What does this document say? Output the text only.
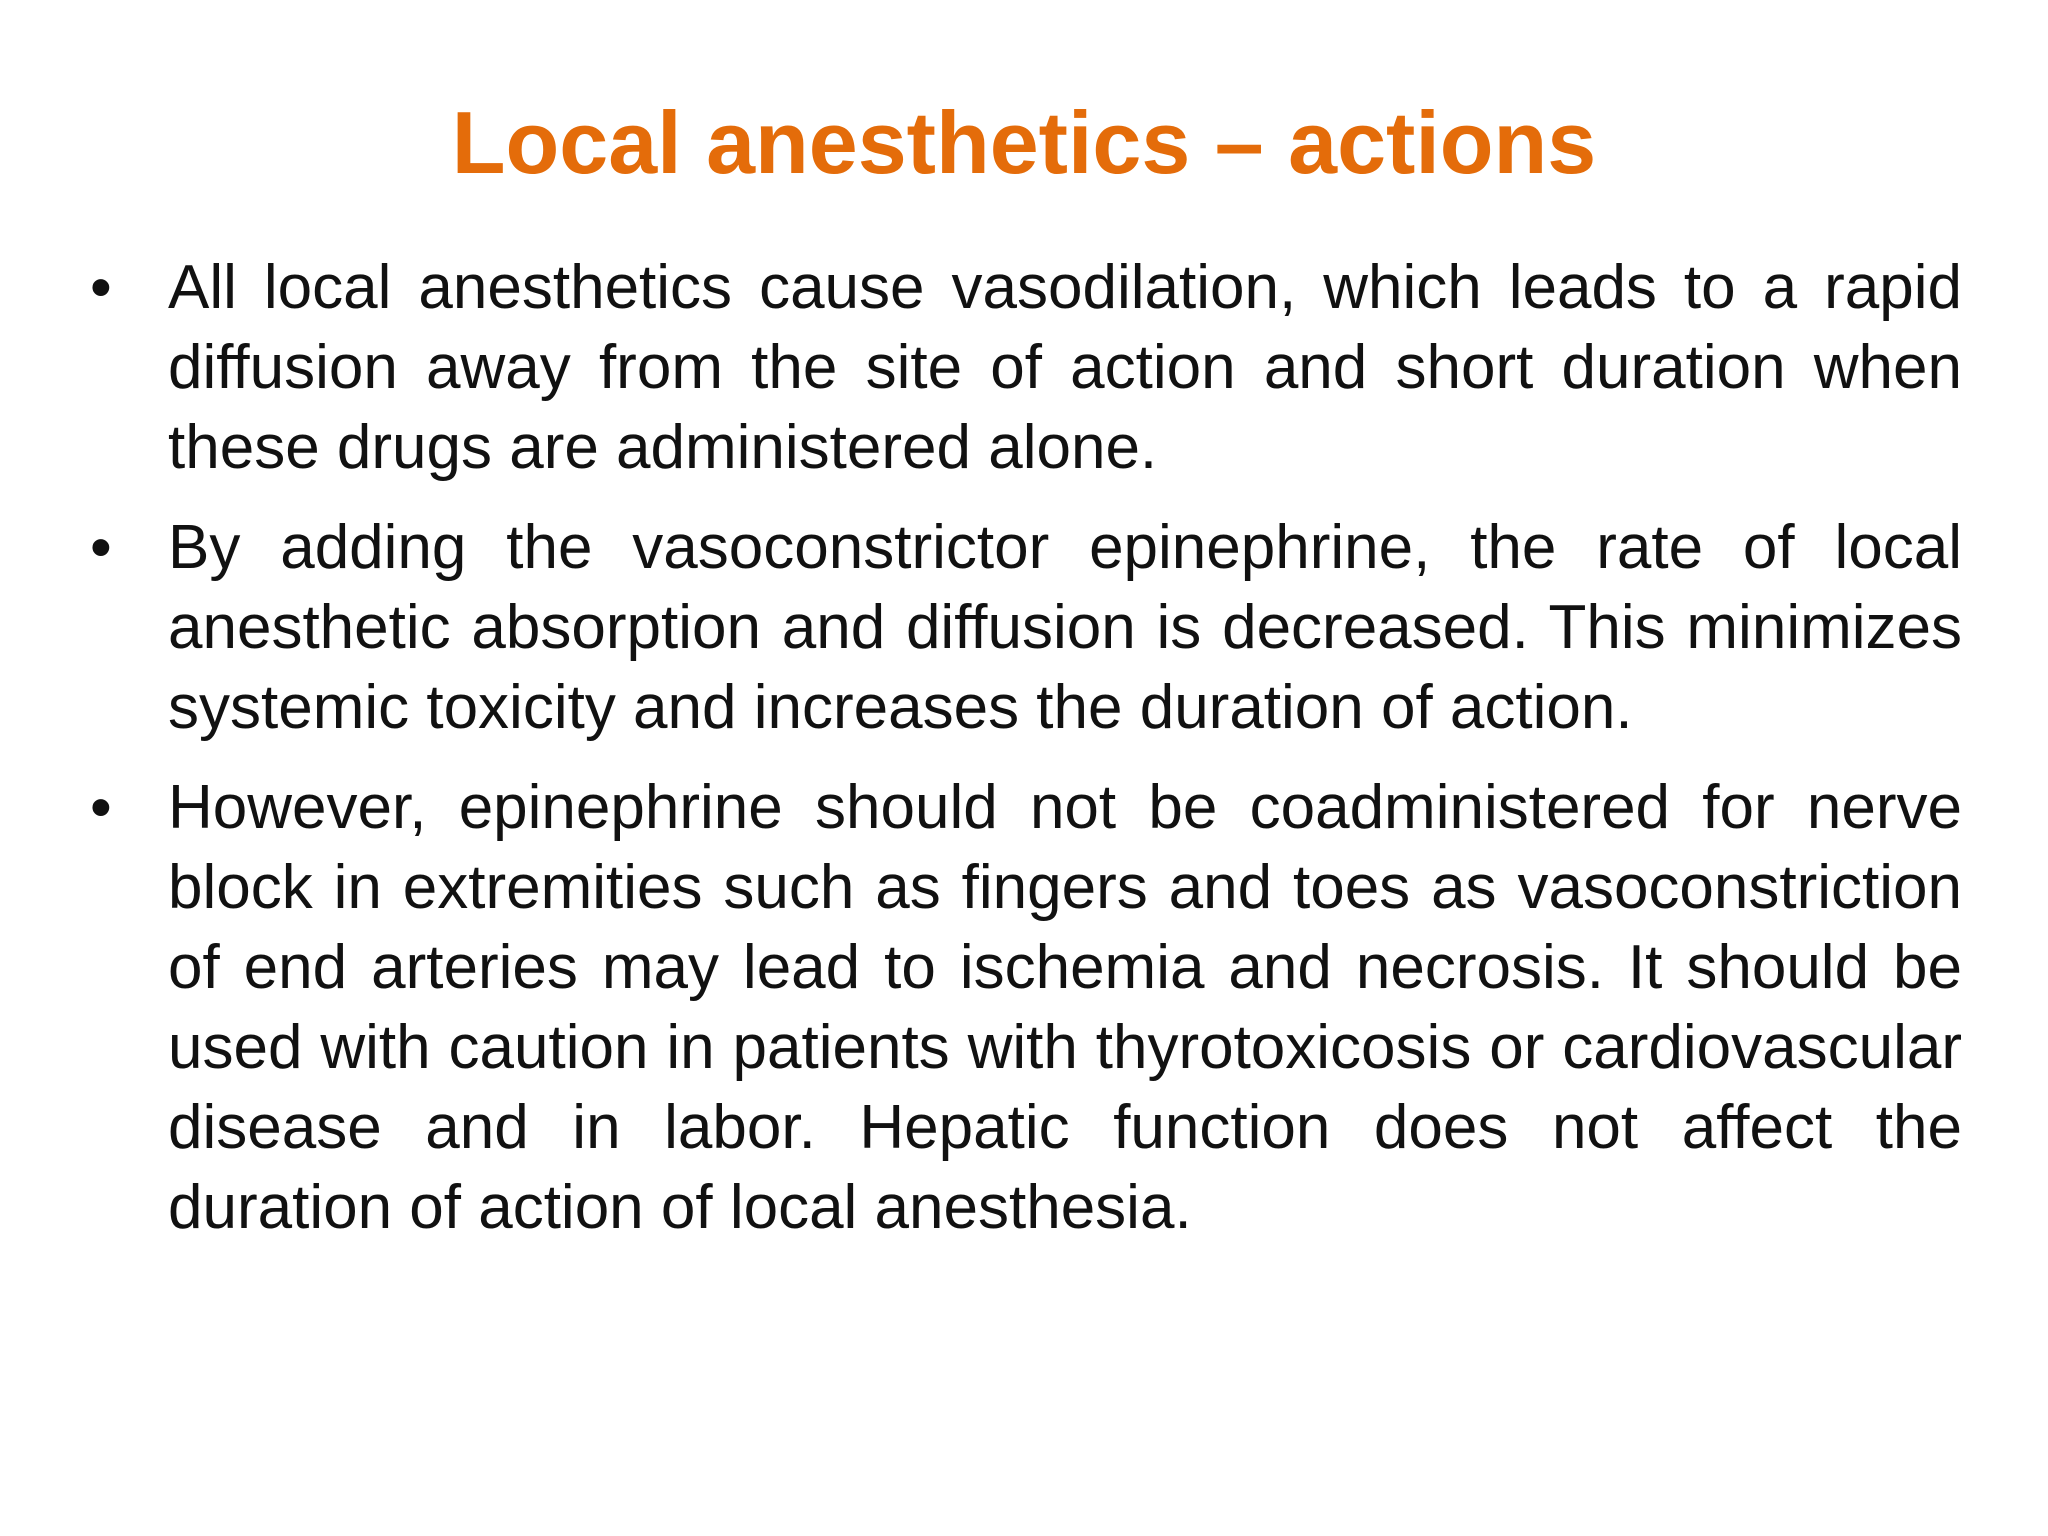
Local anesthetics – actions
• All local anesthetics cause vasodilation, which leads to a rapid diffusion away from the site of action and short duration when these drugs are administered alone.
• By adding the vasoconstrictor epinephrine, the rate of local anesthetic absorption and diffusion is decreased. This minimizes systemic toxicity and increases the duration of action.
• However, epinephrine should not be coadministered for nerve block in extremities such as fingers and toes as vasoconstriction of end arteries may lead to ischemia and necrosis. It should be used with caution in patients with thyrotoxicosis or cardiovascular disease and in labor. Hepatic function does not affect the duration of action of local anesthesia.
